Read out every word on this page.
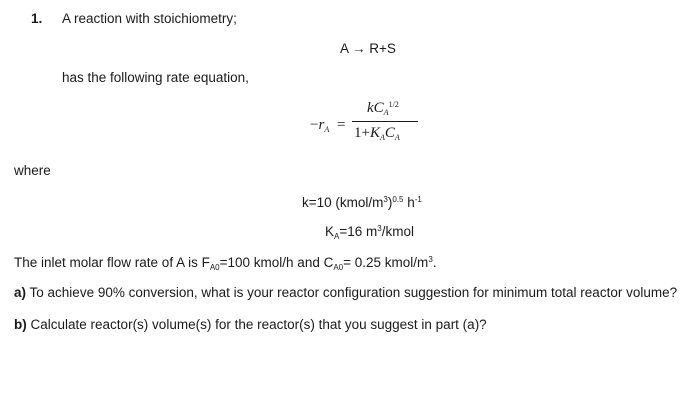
1. A reaction with stoichiometry;
A → R+S
has the following rate equation,
$-r_A$ =
$kC_A^{1/2}$
$1+K_AC_A$
where
k=10 $(kmol/m^3)^{0.5}$ $h^{-1}$
$K_A=16$ $m^3$/kmol
The inlet molar flow rate of A is $F_{A0}=100$ kmol/h and $C_{A0}= 0.25$ kmol/$m^3$.
a) To achieve 90% conversion, what is your reactor configuration suggestion for minimum total reactor volume?
b) Calculate reactor(s) volume(s) for the reactor(s) that you suggest in part (a)?
